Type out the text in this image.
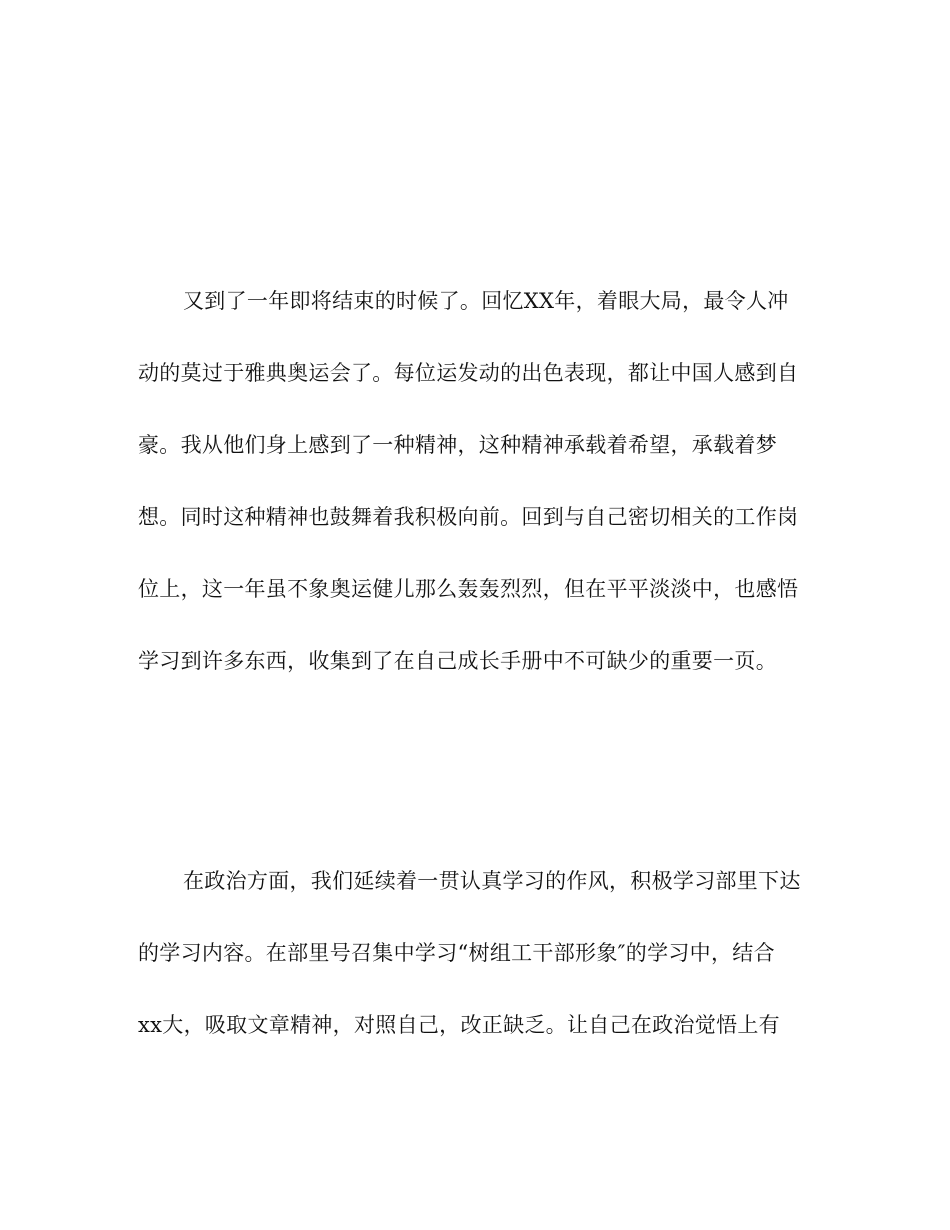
又到了一年即将结束的时候了。回忆XX年，着眼大局，最令人冲
动的莫过于雅典奥运会了。每位运发动的出色表现，都让中国人感到自
豪。我从他们身上感到了一种精神，这种精神承载着希望，承载着梦
想。同时这种精神也鼓舞着我积极向前。回到与自己密切相关的工作岗
位上，这一年虽不象奥运健儿那么轰轰烈烈，但在平平淡淡中，也感悟
学习到许多东西，收集到了在自己成长手册中不可缺少的重要一页。
在政治方面，我们延续着一贯认真学习的作风，积极学习部里下达
的学习内容。在部里号召集中学习“树组工干部形象″的学习中，结合
xx大，吸取文章精神，对照自己，改正缺乏。让自己在政治觉悟上有
